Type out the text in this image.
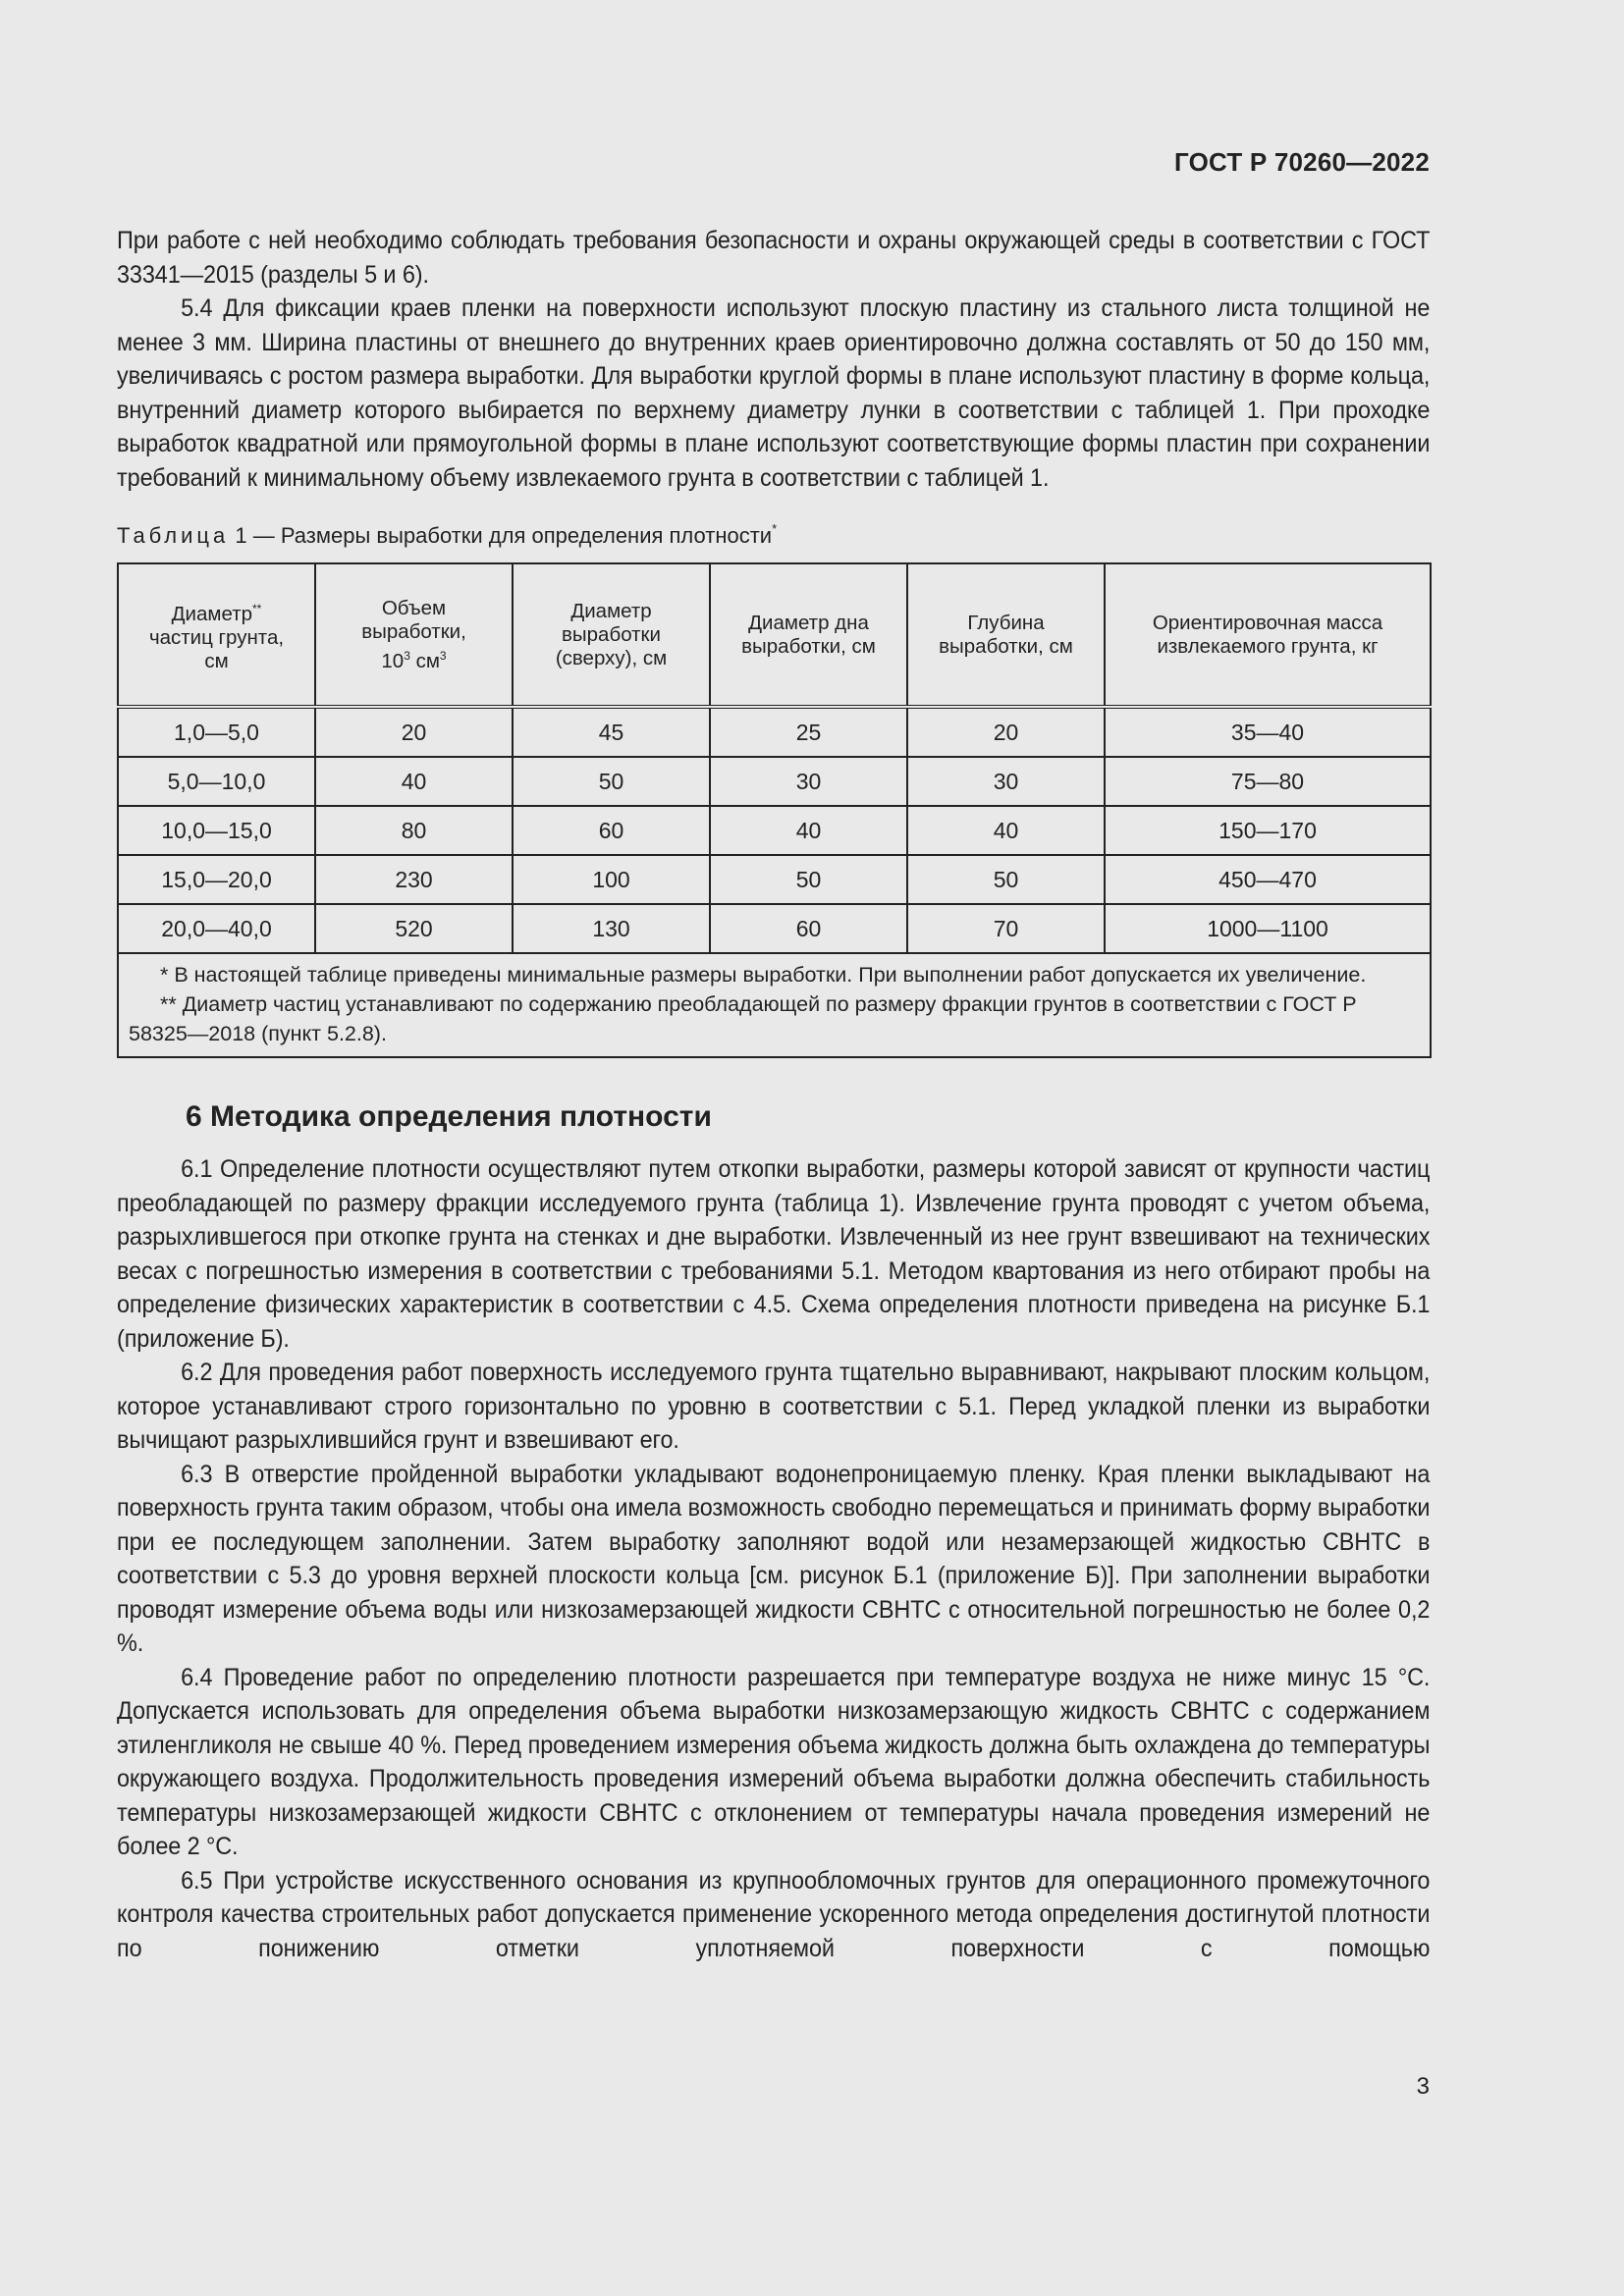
ГОСТ Р 70260—2022

При работе с ней необходимо соблюдать требования безопасности и охраны окружающей среды в соответствии с ГОСТ 33341—2015 (разделы 5 и 6).

5.4 Для фиксации краев пленки на поверхности используют плоскую пластину из стального листа толщиной не менее 3 мм. Ширина пластины от внешнего до внутренних краев ориентировочно должна составлять от 50 до 150 мм, увеличиваясь с ростом размера выработки. Для выработки круглой формы в плане используют пластину в форме кольца, внутренний диаметр которого выбирается по верхнему диаметру лунки в соответствии с таблицей 1. При проходке выработок квадратной или прямоугольной формы в плане используют соответствующие формы пластин при сохранении требований к минимальному объему извлекаемого грунта в соответствии с таблицей 1.

Таблица 1 — Размеры выработки для определения плотности*
Диаметр**
частиц грунта,
см	Объем
выработки,
$10^3$ $см^3$	Диаметр
выработки
(сверху), см	Диаметр дна
выработки, см	Глубина
выработки, см	Ориентировочная масса
извлекаемого грунта, кг
1,0—5,0	20	45	25	20	35—40
5,0—10,0	40	50	30	30	75—80
10,0—15,0	80	60	40	40	150—170
15,0—20,0	230	100	50	50	450—470
20,0—40,0	520	130	60	70	1000—1100

* В настоящей таблице приведены минимальные размеры выработки. При выполнении работ допускается их увеличение.
** Диаметр частиц устанавливают по содержанию преобладающей по размеру фракции грунтов в соответствии с ГОСТ Р 58325—2018 (пункт 5.2.8).					
6 Методика определения плотности

6.1 Определение плотности осуществляют путем откопки выработки, размеры которой зависят от крупности частиц преобладающей по размеру фракции исследуемого грунта (таблица 1). Извлечение грунта проводят с учетом объема, разрыхлившегося при откопке грунта на стенках и дне выработки. Извлеченный из нее грунт взвешивают на технических весах с погрешностью измерения в соответствии с требованиями 5.1. Методом квартования из него отбирают пробы на определение физических характеристик в соответствии с 4.5. Схема определения плотности приведена на рисунке Б.1 (приложение Б).

6.2 Для проведения работ поверхность исследуемого грунта тщательно выравнивают, накрывают плоским кольцом, которое устанавливают строго горизонтально по уровню в соответствии с 5.1. Перед укладкой пленки из выработки вычищают разрыхлившийся грунт и взвешивают его.

6.3 В отверстие пройденной выработки укладывают водонепроницаемую пленку. Края пленки выкладывают на поверхность грунта таким образом, чтобы она имела возможность свободно перемещаться и принимать форму выработки при ее последующем заполнении. Затем выработку заполняют водой или незамерзающей жидкостью СВНТС в соответствии с 5.3 до уровня верхней плоскости кольца [см. рисунок Б.1 (приложение Б)]. При заполнении выработки проводят измерение объема воды или низкозамерзающей жидкости СВНТС с относительной погрешностью не более 0,2 %.

6.4 Проведение работ по определению плотности разрешается при температуре воздуха не ниже минус 15 °С. Допускается использовать для определения объема выработки низкозамерзающую жидкость СВНТС с содержанием этиленгликоля не свыше 40 %. Перед проведением измерения объема жидкость должна быть охлаждена до температуры окружающего воздуха. Продолжительность проведения измерений объема выработки должна обеспечить стабильность температуры низкозамерзающей жидкости СВНТС с отклонением от температуры начала проведения измерений не более 2 °С.

6.5 При устройстве искусственного основания из крупнообломочных грунтов для операционного промежуточного контроля качества строительных работ допускается применение ускоренного метода определения достигнутой плотности по понижению отметки уплотняемой поверхности с помощью

3
